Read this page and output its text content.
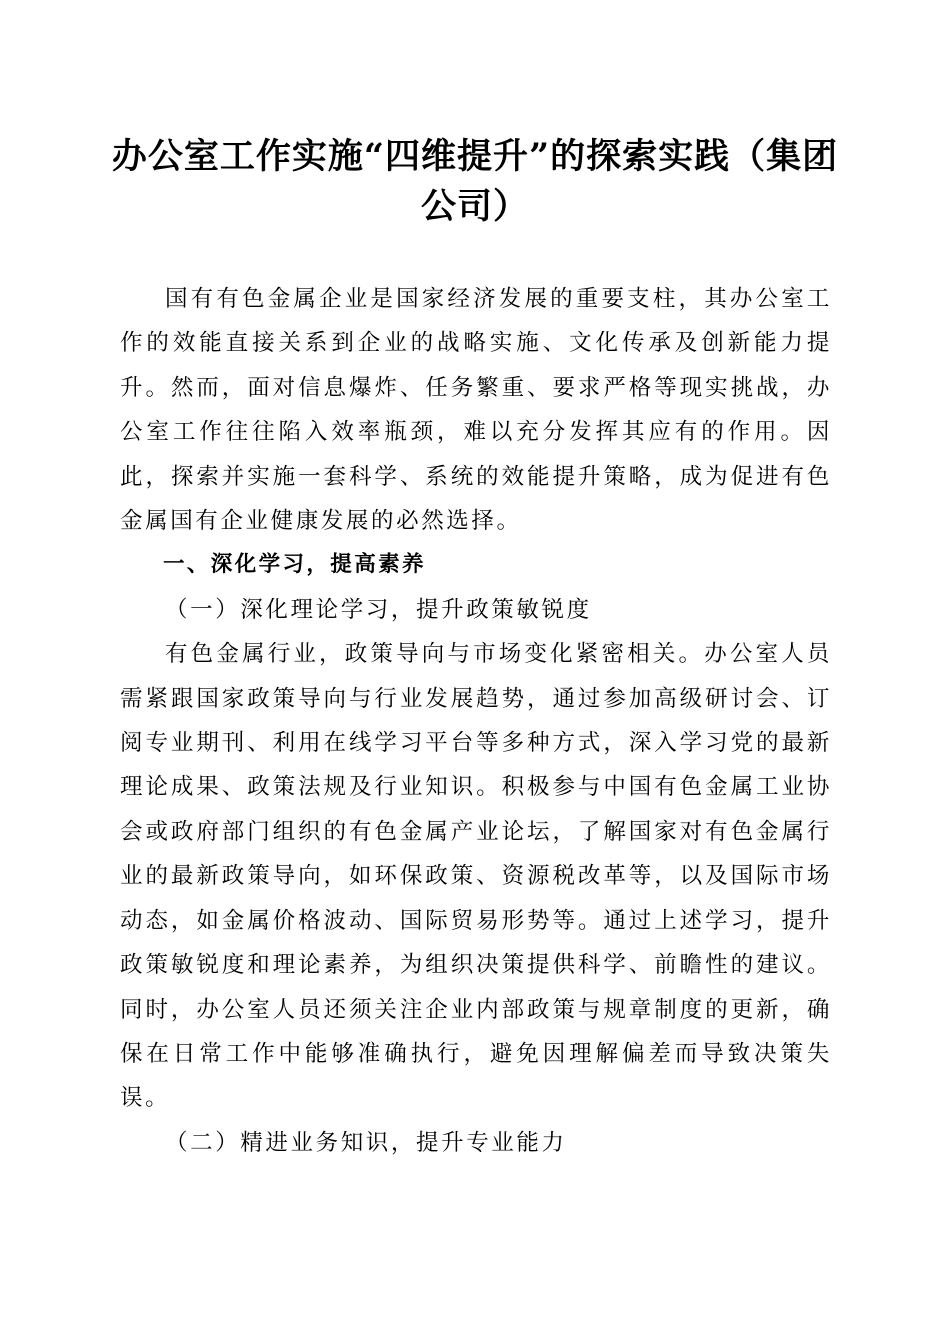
办公室工作实施“四维提升”的探索实践（集团公司）

国有有色金属企业是国家经济发展的重要支柱，其办公室工作的效能直接关系到企业的战略实施、文化传承及创新能力提升。然而，面对信息爆炸、任务繁重、要求严格等现实挑战，办公室工作往往陷入效率瓶颈，难以充分发挥其应有的作用。因此，探索并实施一套科学、系统的效能提升策略，成为促进有色金属国有企业健康发展的必然选择。

一、深化学习，提高素养

（一）深化理论学习，提升政策敏锐度

有色金属行业，政策导向与市场变化紧密相关。办公室人员需紧跟国家政策导向与行业发展趋势，通过参加高级研讨会、订阅专业期刊、利用在线学习平台等多种方式，深入学习党的最新理论成果、政策法规及行业知识。积极参与中国有色金属工业协会或政府部门组织的有色金属产业论坛，了解国家对有色金属行业的最新政策导向，如环保政策、资源税改革等，以及国际市场动态，如金属价格波动、国际贸易形势等。通过上述学习，提升政策敏锐度和理论素养，为组织决策提供科学、前瞻性的建议。同时，办公室人员还须关注企业内部政策与规章制度的更新，确保在日常工作中能够准确执行，避免因理解偏差而导致决策失误。

（二）精进业务知识，提升专业能力
